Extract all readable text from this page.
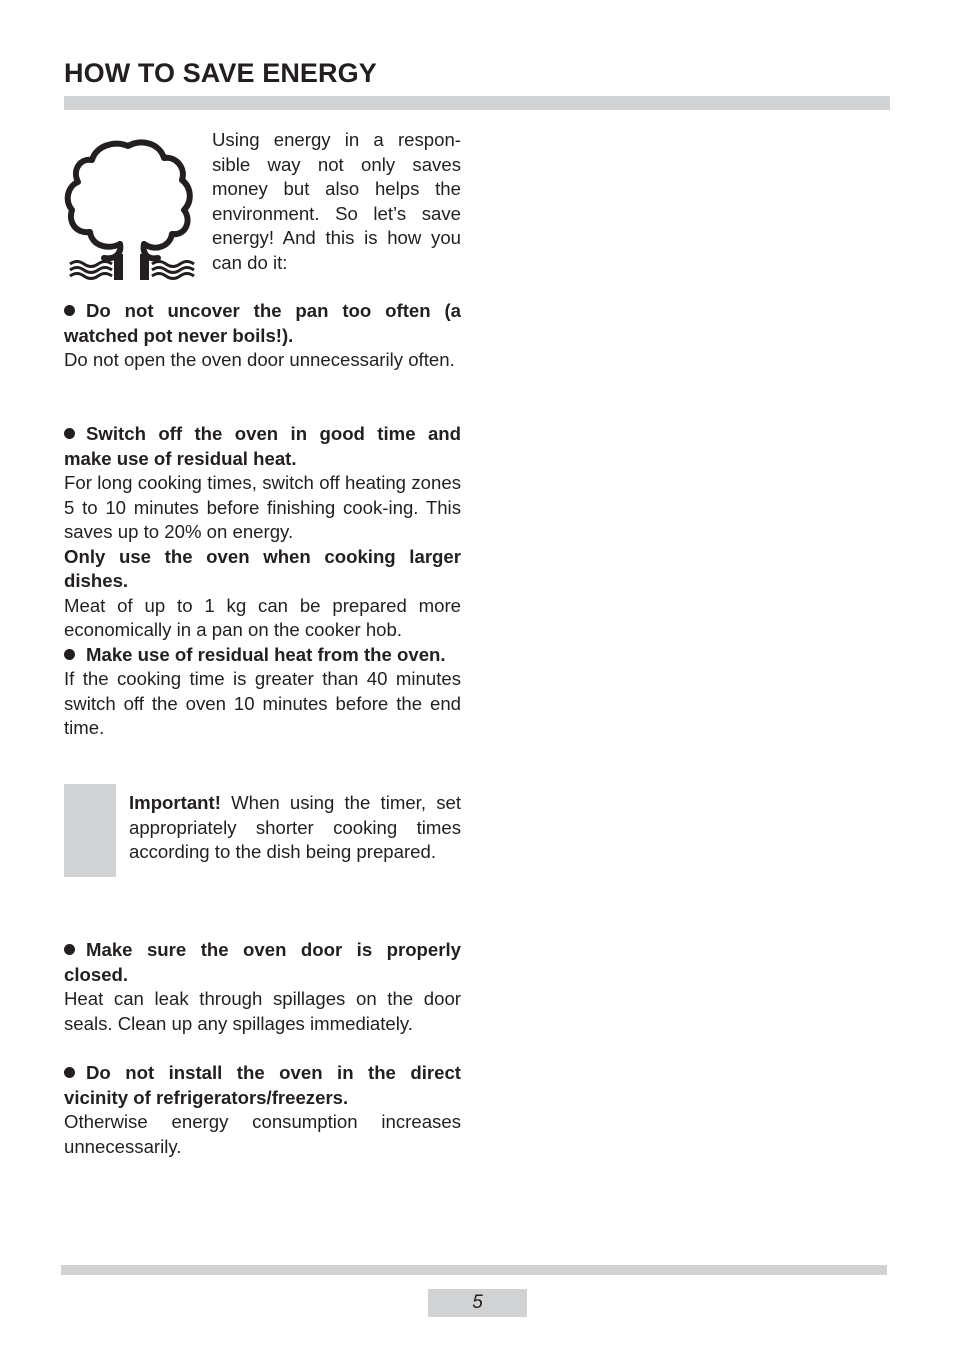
HOW TO SAVE ENERGY

Using energy in a respon-sible way not only saves money but also helps the environment. So let’s save energy! And this is how you can do it:

Do not uncover the pan too often (a watched pot never boils!).

Do not open the oven door unnecessarily often.

Switch off the oven in good time and make use of residual heat.

For long cooking times, switch off heating zones 5 to 10 minutes before finishing cook-ing. This saves up to 20% on energy.

Only use the oven when cooking larger dishes.

Meat of up to 1 kg can be prepared more economically in a pan on the cooker hob.

Make use of residual heat from the oven.

If the cooking time is greater than 40 minutes switch off the oven 10 minutes before the end time.

Important! When using the timer, set appropriately shorter cooking times according to the dish being prepared.

Make sure the oven door is properly closed.

Heat can leak through spillages on the door seals. Clean up any spillages immediately.

Do not install the oven in the direct vicinity of refrigerators/freezers.

Otherwise energy consumption increases unnecessarily.

5
